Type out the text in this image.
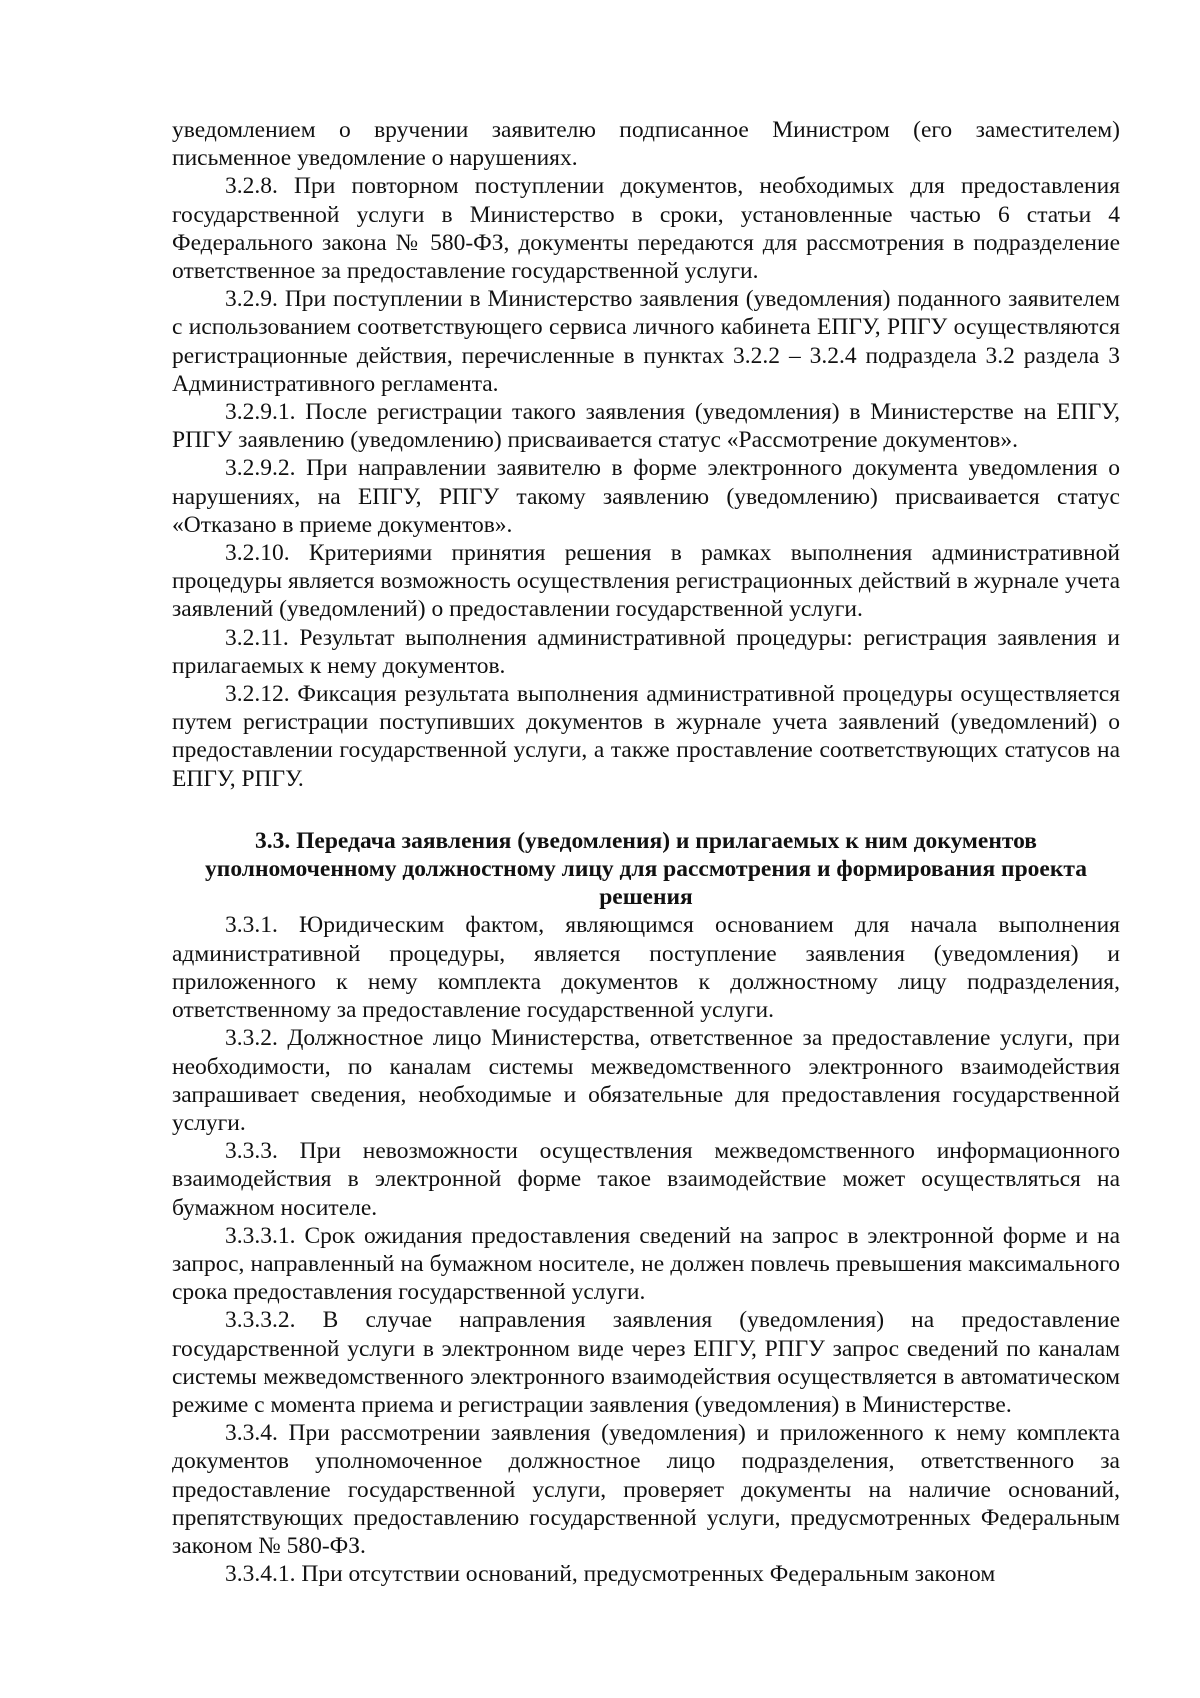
уведомлением о вручении заявителю подписанное Министром (его заместителем) письменное уведомление о нарушениях.

3.2.8. При повторном поступлении документов, необходимых для предоставления государственной услуги в Министерство в сроки, установленные частью 6 статьи 4 Федерального закона № 580-ФЗ, документы передаются для рассмотрения в подразделение ответственное за предоставление государственной услуги.

3.2.9. При поступлении в Министерство заявления (уведомления) поданного заявителем с использованием соответствующего сервиса личного кабинета ЕПГУ, РПГУ осуществляются регистрационные действия, перечисленные в пунктах 3.2.2 – 3.2.4 подраздела 3.2 раздела 3 Административного регламента.

3.2.9.1. После регистрации такого заявления (уведомления) в Министерстве на ЕПГУ, РПГУ заявлению (уведомлению) присваивается статус «Рассмотрение документов».

3.2.9.2. При направлении заявителю в форме электронного документа уведомления о нарушениях, на ЕПГУ, РПГУ такому заявлению (уведомлению) присваивается статус «Отказано в приеме документов».

3.2.10. Критериями принятия решения в рамках выполнения административной процедуры является возможность осуществления регистрационных действий в журнале учета заявлений (уведомлений) о предоставлении государственной услуги.

3.2.11. Результат выполнения административной процедуры: регистрация заявления и прилагаемых к нему документов.

3.2.12. Фиксация результата выполнения административной процедуры осуществляется путем регистрации поступивших документов в журнале учета заявлений (уведомлений) о предоставлении государственной услуги, а также проставление соответствующих статусов на ЕПГУ, РПГУ.

3.3. Передача заявления (уведомления) и прилагаемых к ним документов уполномоченному должностному лицу для рассмотрения и формирования проекта решения

3.3.1. Юридическим фактом, являющимся основанием для начала выполнения административной процедуры, является поступление заявления (уведомления) и приложенного к нему комплекта документов к должностному лицу подразделения, ответственному за предоставление государственной услуги.

3.3.2. Должностное лицо Министерства, ответственное за предоставление услуги, при необходимости, по каналам системы межведомственного электронного взаимодействия запрашивает сведения, необходимые и обязательные для предоставления государственной услуги.

3.3.3. При невозможности осуществления межведомственного информационного взаимодействия в электронной форме такое взаимодействие может осуществляться на бумажном носителе.

3.3.3.1. Срок ожидания предоставления сведений на запрос в электронной форме и на запрос, направленный на бумажном носителе, не должен повлечь превышения максимального срока предоставления государственной услуги.

3.3.3.2. В случае направления заявления (уведомления) на предоставление государственной услуги в электронном виде через ЕПГУ, РПГУ запрос сведений по каналам системы межведомственного электронного взаимодействия осуществляется в автоматическом режиме с момента приема и регистрации заявления (уведомления) в Министерстве.

3.3.4. При рассмотрении заявления (уведомления) и приложенного к нему комплекта документов уполномоченное должностное лицо подразделения, ответственного за предоставление государственной услуги, проверяет документы на наличие оснований, препятствующих предоставлению государственной услуги, предусмотренных Федеральным законом № 580-ФЗ.

3.3.4.1. При отсутствии оснований, предусмотренных Федеральным законом
